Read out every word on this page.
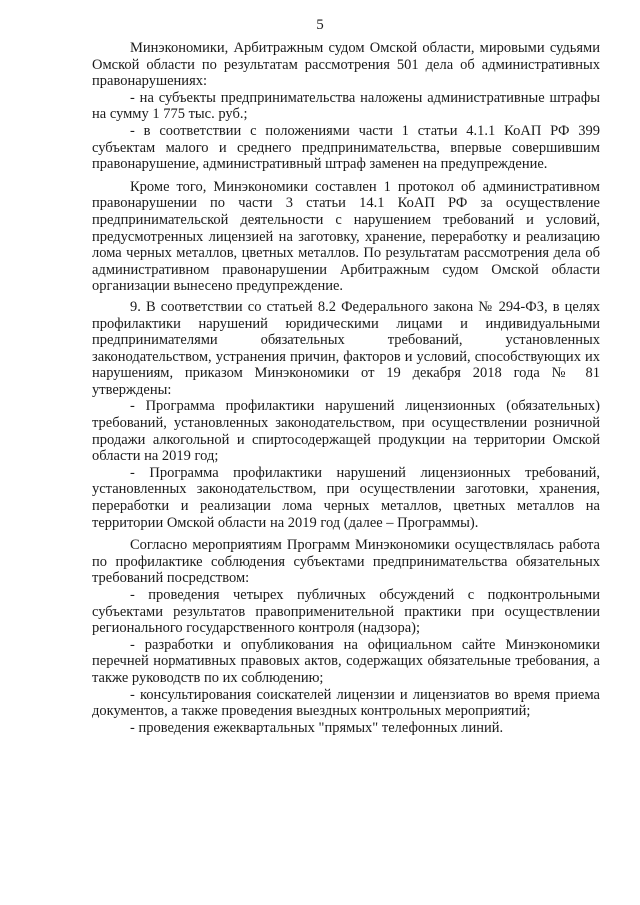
5

Минэкономики, Арбитражным судом Омской области, мировыми судьями Омской области по результатам рассмотрения 501 дела об административных правонарушениях:

- на субъекты предпринимательства наложены административные штрафы на сумму 1 775 тыс. руб.;

- в соответствии с положениями части 1 статьи 4.1.1 КоАП РФ 399 субъектам малого и среднего предпринимательства, впервые совершившим правонарушение, административный штраф заменен на предупреждение.

Кроме того, Минэкономики составлен 1 протокол об административном правонарушении по части 3 статьи 14.1 КоАП РФ за осуществление предпринимательской деятельности с нарушением требований и условий, предусмотренных лицензией на заготовку, хранение, переработку и реализацию лома черных металлов, цветных металлов. По результатам рассмотрения дела об административном правонарушении Арбитражным судом Омской области организации вынесено предупреждение.

9. В соответствии со статьей 8.2 Федерального закона № 294-ФЗ, в целях профилактики нарушений юридическими лицами и индивидуальными предпринимателями обязательных требований, установленных законодательством, устранения причин, факторов и условий, способствующих их нарушениям, приказом Минэкономики от 19 декабря 2018 года № 81 утверждены:

- Программа профилактики нарушений лицензионных (обязательных) требований, установленных законодательством, при осуществлении розничной продажи алкогольной и спиртосодержащей продукции на территории Омской области на 2019 год;

- Программа профилактики нарушений лицензионных требований, установленных законодательством, при осуществлении заготовки, хранения, переработки и реализации лома черных металлов, цветных металлов на территории Омской области на 2019 год (далее – Программы).

Согласно мероприятиям Программ Минэкономики осуществлялась работа по профилактике соблюдения субъектами предпринимательства обязательных требований посредством:

- проведения четырех публичных обсуждений с подконтрольными субъектами результатов правоприменительной практики при осуществлении регионального государственного контроля (надзора);

- разработки и опубликования на официальном сайте Минэкономики перечней нормативных правовых актов, содержащих обязательные требования, а также руководств по их соблюдению;

- консультирования соискателей лицензии и лицензиатов во время приема документов, а также проведения выездных контрольных мероприятий;

- проведения ежеквартальных "прямых" телефонных линий.
